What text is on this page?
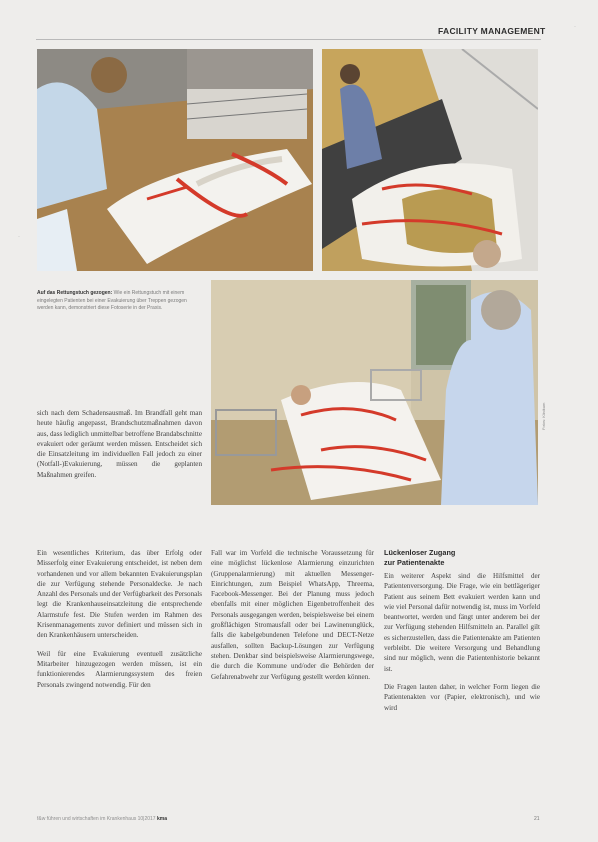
FACILITY MANAGEMENT
Auf das Rettungstuch gezogen: Wie ein Rettungstuch mit einem eingelegten Patienten bei einer Evakuierung über Treppen gezogen werden kann, demonstriert diese Fotoserie in der Praxis.
Fotos: Klinikum

sich nach dem Schadensausmaß. Im Brandfall geht man heute häufig angepasst, Brandschutzmaßnahmen davon aus, dass lediglich unmittelbar betroffene Brandabschnitte evakuiert oder geräumt werden müssen. Entscheidet sich die Einsatzleitung im individuellen Fall jedoch zu einer (Notfall-)Evakuierung, müssen die geplanten Maßnahmen greifen.

Ein wesentliches Kriterium, das über Erfolg oder Misserfolg einer Evakuierung entscheidet, ist neben dem vorhandenen und vor allem bekannten Evakuierungsplan die zur Verfügung stehende Personaldecke. Je nach Anzahl des Personals und der Verfügbarkeit des Personals legt die Krankenhauseinsatzleitung die entsprechende Alarmstufe fest. Die Stufen werden im Rahmen des Krisenmanagements zuvor definiert und müssen sich in den Krankenhäusern unterscheiden.

Weil für eine Evakuierung eventuell zusätzliche Mitarbeiter hinzugezogen werden müssen, ist ein funktionierendes Alarmierungssystem des freien Personals zwingend notwendig. Für den

Fall war im Vorfeld die technische Voraussetzung für eine möglichst lückenlose Alarmierung einzurichten (Gruppenalarmierung) mit aktuellen Messenger-Einrichtungen, zum Beispiel WhatsApp, Threema, Facebook-Messenger. Bei der Planung muss jedoch ebenfalls mit einer möglichen Eigenbetroffenheit des Personals ausgegangen werden, beispielsweise bei einem großflächigen Stromausfall oder bei Lawinenunglück, falls die kabelgebundenen Telefone und DECT-Netze ausfallen, sollten Backup-Lösungen zur Verfügung stehen. Denkbar sind beispielsweise Alarmierungswege, die durch die Kommune und/oder die Behörden der Gefahrenabwehr zur Verfügung gestellt werden können.

Lückenloser Zugang
zur Patientenakte

Ein weiterer Aspekt sind die Hilfsmittel der Patientenversorgung. Die Frage, wie ein bettlägeriger Patient aus seinem Bett evakuiert werden kann und wie viel Personal dafür notwendig ist, muss im Vorfeld beantwortet, werden und fängt unter anderem bei der zur Verfügung stehenden Hilfsmitteln an. Parallel gilt es sicherzustellen, dass die Patientenakte am Patienten verbleibt. Die weitere Versorgung und Behandlung sind nur möglich, wenn die Patientenhistorie bekannt ist.

Die Fragen lauten daher, in welcher Form liegen die Patientenakten vor (Papier, elektronisch), und wie wird

f&w führen und wirtschaften im Krankenhaus 10|2017 kma	21
·
·
